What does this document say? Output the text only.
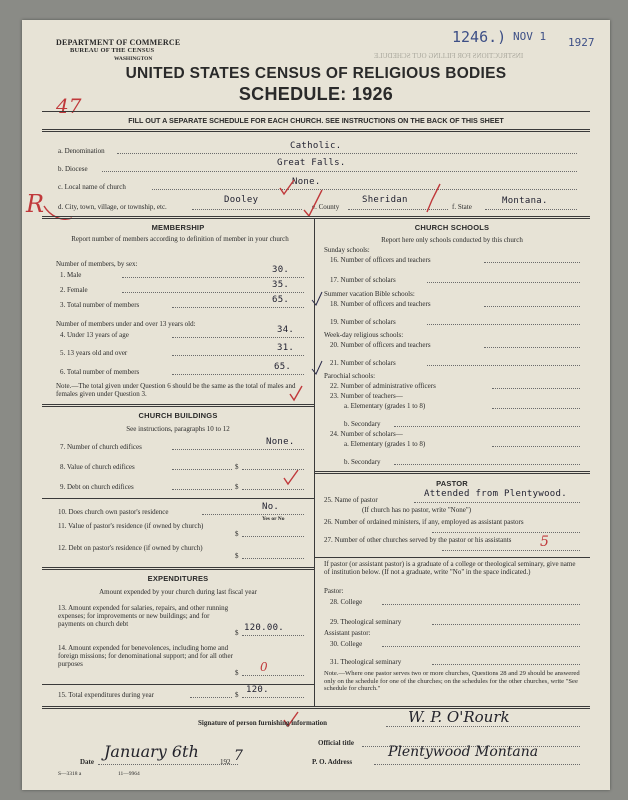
DEPARTMENT OF COMMERCE
BUREAU OF THE CENSUS
WASHINGTON
1246.) NOV 1 1927
INSTRUCTIONS FOR FILLING OUT SCHEDULE
UNITED STATES CENSUS OF RELIGIOUS BODIES
SCHEDULE: 1926
47
FILL OUT A SEPARATE SCHEDULE FOR EACH CHURCH. SEE INSTRUCTIONS ON THE BACK OF THIS SHEET
a. Denomination	Catholic.
b. Diocese
Great Falls.
c. Local name of church	None.
d. City, town, village, or township, etc.
Dooley
e. County
Sheridan
f. State
Montana.
R
MEMBERSHIP
Report number of members according to definition of member in your church
Number of members, by sex:
1. Male	30.
2. Female	35.
3. Total number of members	65.
Number of members under and over 13 years old:
4. Under 13 years of age	34.
5. 13 years old and over	31.
6. Total number of members	65.
Note.—The total given under Question 6 should be the same as the total of males and females given under Question 3.
CHURCH BUILDINGS
See instructions, paragraphs 10 to 12
7. Number of church edifices	None.
8. Value of church edifices	$
9. Debt on church edifices	$
10. Does church own pastor's residence	No.
Yes or No
11. Value of pastor's residence (if owned by church)
$
12. Debt on pastor's residence (if owned by church)
$
EXPENDITURES
Amount expended by your church during last fiscal year
13. Amount expended for salaries, repairs, and other running expenses; for improvements or new buildings; and for payments on church debt
$ 120.00.
14. Amount expended for benevolences, including home and foreign missions; for denominational support; and for all other purposes
$ 0
15. Total expenditures during year	$ 120.
CHURCH SCHOOLS
Report here only schools conducted by this church
Sunday schools:
16. Number of officers and teachers
17. Number of scholars
Summer vacation Bible schools:
18. Number of officers and teachers
19. Number of scholars
Week-day religious schools:
20. Number of officers and teachers
21. Number of scholars
Parochial schools:
22. Number of administrative officers
23. Number of teachers—
a. Elementary (grades 1 to 8)
b. Secondary
24. Number of scholars—
a. Elementary (grades 1 to 8)
b. Secondary
PASTOR
25. Name of pastor
Attended from Plentywood.
(If church has no pastor, write "None")
26. Number of ordained ministers, if any, employed as assistant pastors
27. Number of other churches served by the pastor or his assistants	5
If pastor (or assistant pastor) is a graduate of a college or theological seminary, give name of institution below. (If not a graduate, write "No" in the space indicated.)
Pastor:
28. College
29. Theological seminary
Assistant pastor:
30. College
31. Theological seminary
Note.—Where one pastor serves two or more churches, Questions 28 and 29 should be answered only on the schedule for one of the churches; on the schedules for the other churches, write "See schedule for church."
Signature of person furnishing information	W. P. O'Rourk
Official title
Date
January 6th
192 7	P. O. Address
Plentywood Montana
S—3318 a	11—9964
